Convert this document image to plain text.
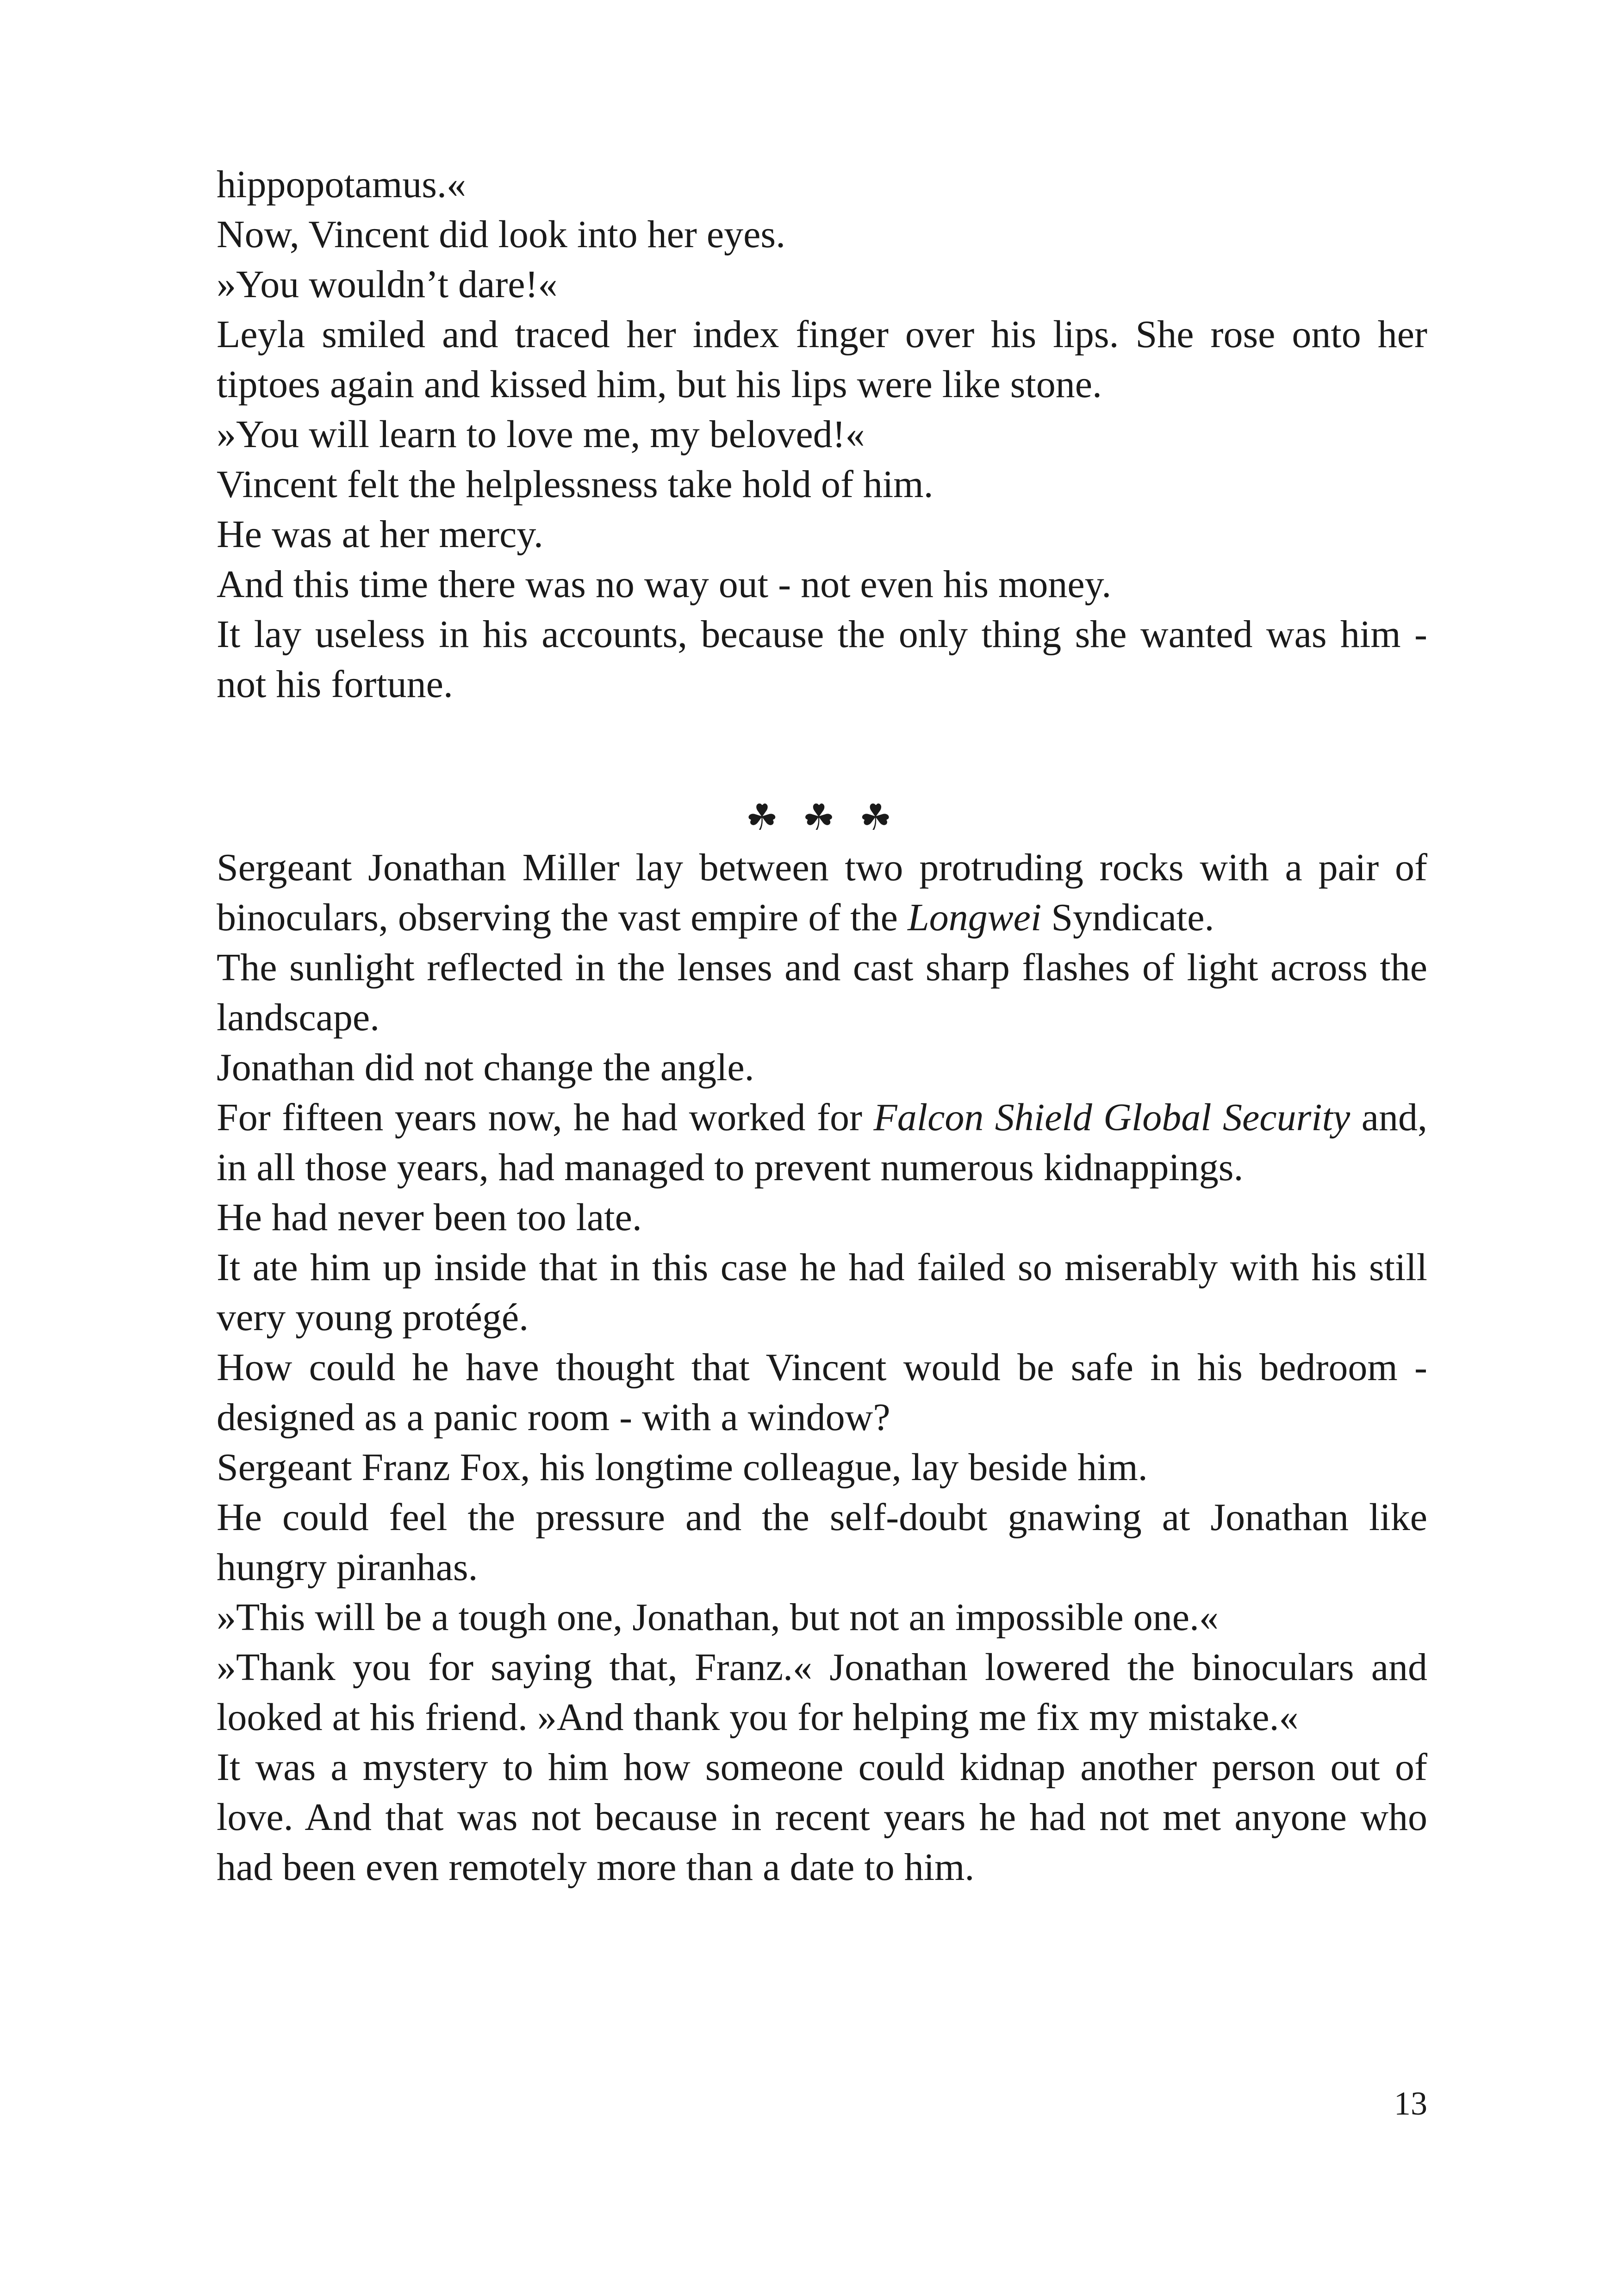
hippopotamus.«

Now, Vincent did look into her eyes.

»You wouldn’t dare!«

Leyla smiled and traced her index finger over his lips. She rose onto her tiptoes again and kissed him, but his lips were like stone.

»You will learn to love me, my beloved!«

Vincent felt the helplessness take hold of him.

He was at her mercy.

And this time there was no way out - not even his money.

It lay useless in his accounts, because the only thing she wanted was him - not his fortune.

☘ ☘ ☘

Sergeant Jonathan Miller lay between two protruding rocks with a pair of binoculars, observing the vast empire of the Longwei Syndicate.

The sunlight reflected in the lenses and cast sharp flashes of light across the landscape.

Jonathan did not change the angle.

For fifteen years now, he had worked for Falcon Shield Global Security and, in all those years, had managed to prevent numerous kidnappings.

He had never been too late.

It ate him up inside that in this case he had failed so miserably with his still very young protégé.

How could he have thought that Vincent would be safe in his bedroom - designed as a panic room - with a window?

Sergeant Franz Fox, his longtime colleague, lay beside him.

He could feel the pressure and the self-doubt gnawing at Jonathan like hungry piranhas.

»This will be a tough one, Jonathan, but not an impossible one.«

»Thank you for saying that, Franz.« Jonathan lowered the binoculars and looked at his friend. »And thank you for helping me fix my mistake.«

It was a mystery to him how someone could kidnap another person out of love. And that was not because in recent years he had not met anyone who had been even remotely more than a date to him.

13
